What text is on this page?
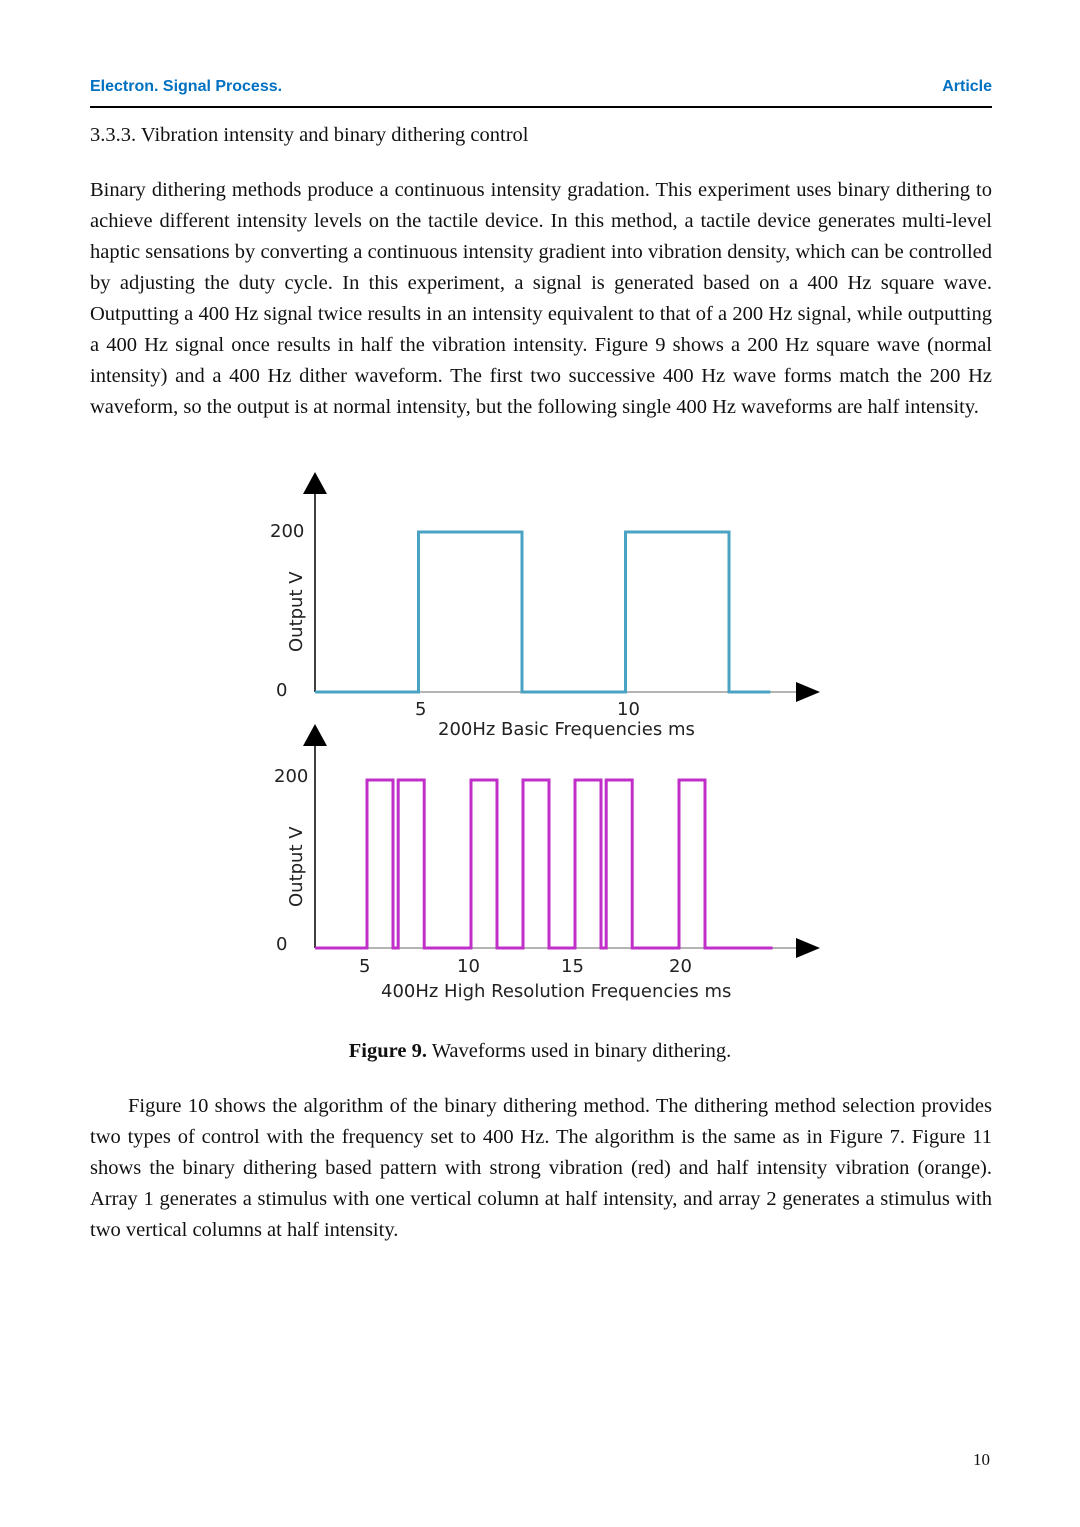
Electron. Signal Process.	Article
3.3.3. Vibration intensity and binary dithering control

Binary dithering methods produce a continuous intensity gradation. This experiment uses binary dithering to achieve different intensity levels on the tactile device. In this method, a tactile device generates multi-level haptic sensations by converting a continuous intensity gradient into vibration density, which can be controlled by adjusting the duty cycle. In this experiment, a signal is generated based on a 400 Hz square wave. Outputting a 400 Hz signal twice results in an intensity equivalent to that of a 200 Hz signal, while outputting a 400 Hz signal once results in half the vibration intensity. Figure 9 shows a 200 Hz square wave (normal intensity) and a 400 Hz dither waveform. The first two successive 400 Hz wave forms match the 200 Hz waveform, so the output is at normal intensity, but the following single 400 Hz waveforms are half intensity.

200
0
Output V
5	10
200Hz Basic Frequencies ms
200
0
Output V
5	10	15	20
400Hz High Resolution Frequencies ms
Figure 9. Waveforms used in binary dithering.

Figure 10 shows the algorithm of the binary dithering method. The dithering method selection provides two types of control with the frequency set to 400 Hz. The algorithm is the same as in Figure 7. Figure 11 shows the binary dithering based pattern with strong vibration (red) and half intensity vibration (orange). Array 1 generates a stimulus with one vertical column at half intensity, and array 2 generates a stimulus with two vertical columns at half intensity.

10
